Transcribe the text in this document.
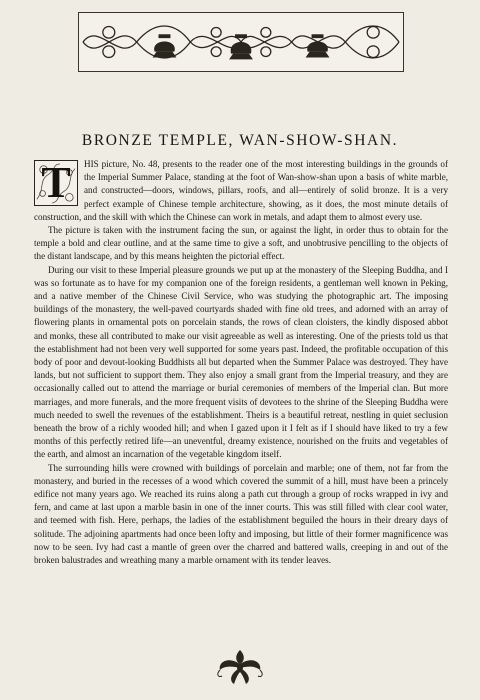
BRONZE TEMPLE, WAN-SHOW-SHAN.

T	HIS picture, No. 48, presents to the reader one of the most interesting buildings in the grounds of the Imperial Summer Palace, standing at the foot of Wan-show-shan upon a basis of white marble, and constructed—doors, windows, pillars, roofs, and all—entirely of solid bronze. It is a very perfect example of Chinese temple architecture, showing, as it does, the most minute details of construction, and the skill with which the Chinese can work in metals, and adapt them to almost every use.

The picture is taken with the instrument facing the sun, or against the light, in order thus to obtain for the temple a bold and clear outline, and at the same time to give a soft, and unobtrusive pencilling to the objects of the distant landscape, and by this means heighten the pictorial effect.

During our visit to these Imperial pleasure grounds we put up at the monastery of the Sleeping Buddha, and I was so fortunate as to have for my companion one of the foreign residents, a gentleman well known in Peking, and a native member of the Chinese Civil Service, who was studying the photographic art. The imposing buildings of the monastery, the well-paved courtyards shaded with fine old trees, and adorned with an array of flowering plants in ornamental pots on porcelain stands, the rows of clean cloisters, the kindly disposed abbot and monks, these all contributed to make our visit agreeable as well as interesting. One of the priests told us that the establishment had not been very well supported for some years past. Indeed, the profitable occupation of this body of poor and devout-looking Buddhists all but departed when the Summer Palace was destroyed. They have lands, but not sufficient to support them. They also enjoy a small grant from the Imperial treasury, and they are occasionally called out to attend the marriage or burial ceremonies of members of the Imperial clan. But more marriages, and more funerals, and the more frequent visits of devotees to the shrine of the Sleeping Buddha were much needed to swell the revenues of the establishment. Theirs is a beautiful retreat, nestling in quiet seclusion beneath the brow of a richly wooded hill; and when I gazed upon it I felt as if I should have liked to try a few months of this perfectly retired life—an uneventful, dreamy existence, nourished on the fruits and vegetables of the earth, and almost an incarnation of the vegetable kingdom itself.

The surrounding hills were crowned with buildings of porcelain and marble; one of them, not far from the monastery, and buried in the recesses of a wood which covered the summit of a hill, must have been a princely edifice not many years ago. We reached its ruins along a path cut through a group of rocks wrapped in ivy and fern, and came at last upon a marble basin in one of the inner courts. This was still filled with clear cool water, and teemed with fish. Here, perhaps, the ladies of the establishment beguiled the hours in their dreary days of solitude. The adjoining apartments had once been lofty and imposing, but little of their former magnificence was now to be seen. Ivy had cast a mantle of green over the charred and battered walls, creeping in and out of the broken balustrades and wreathing many a marble ornament with its tender leaves.
